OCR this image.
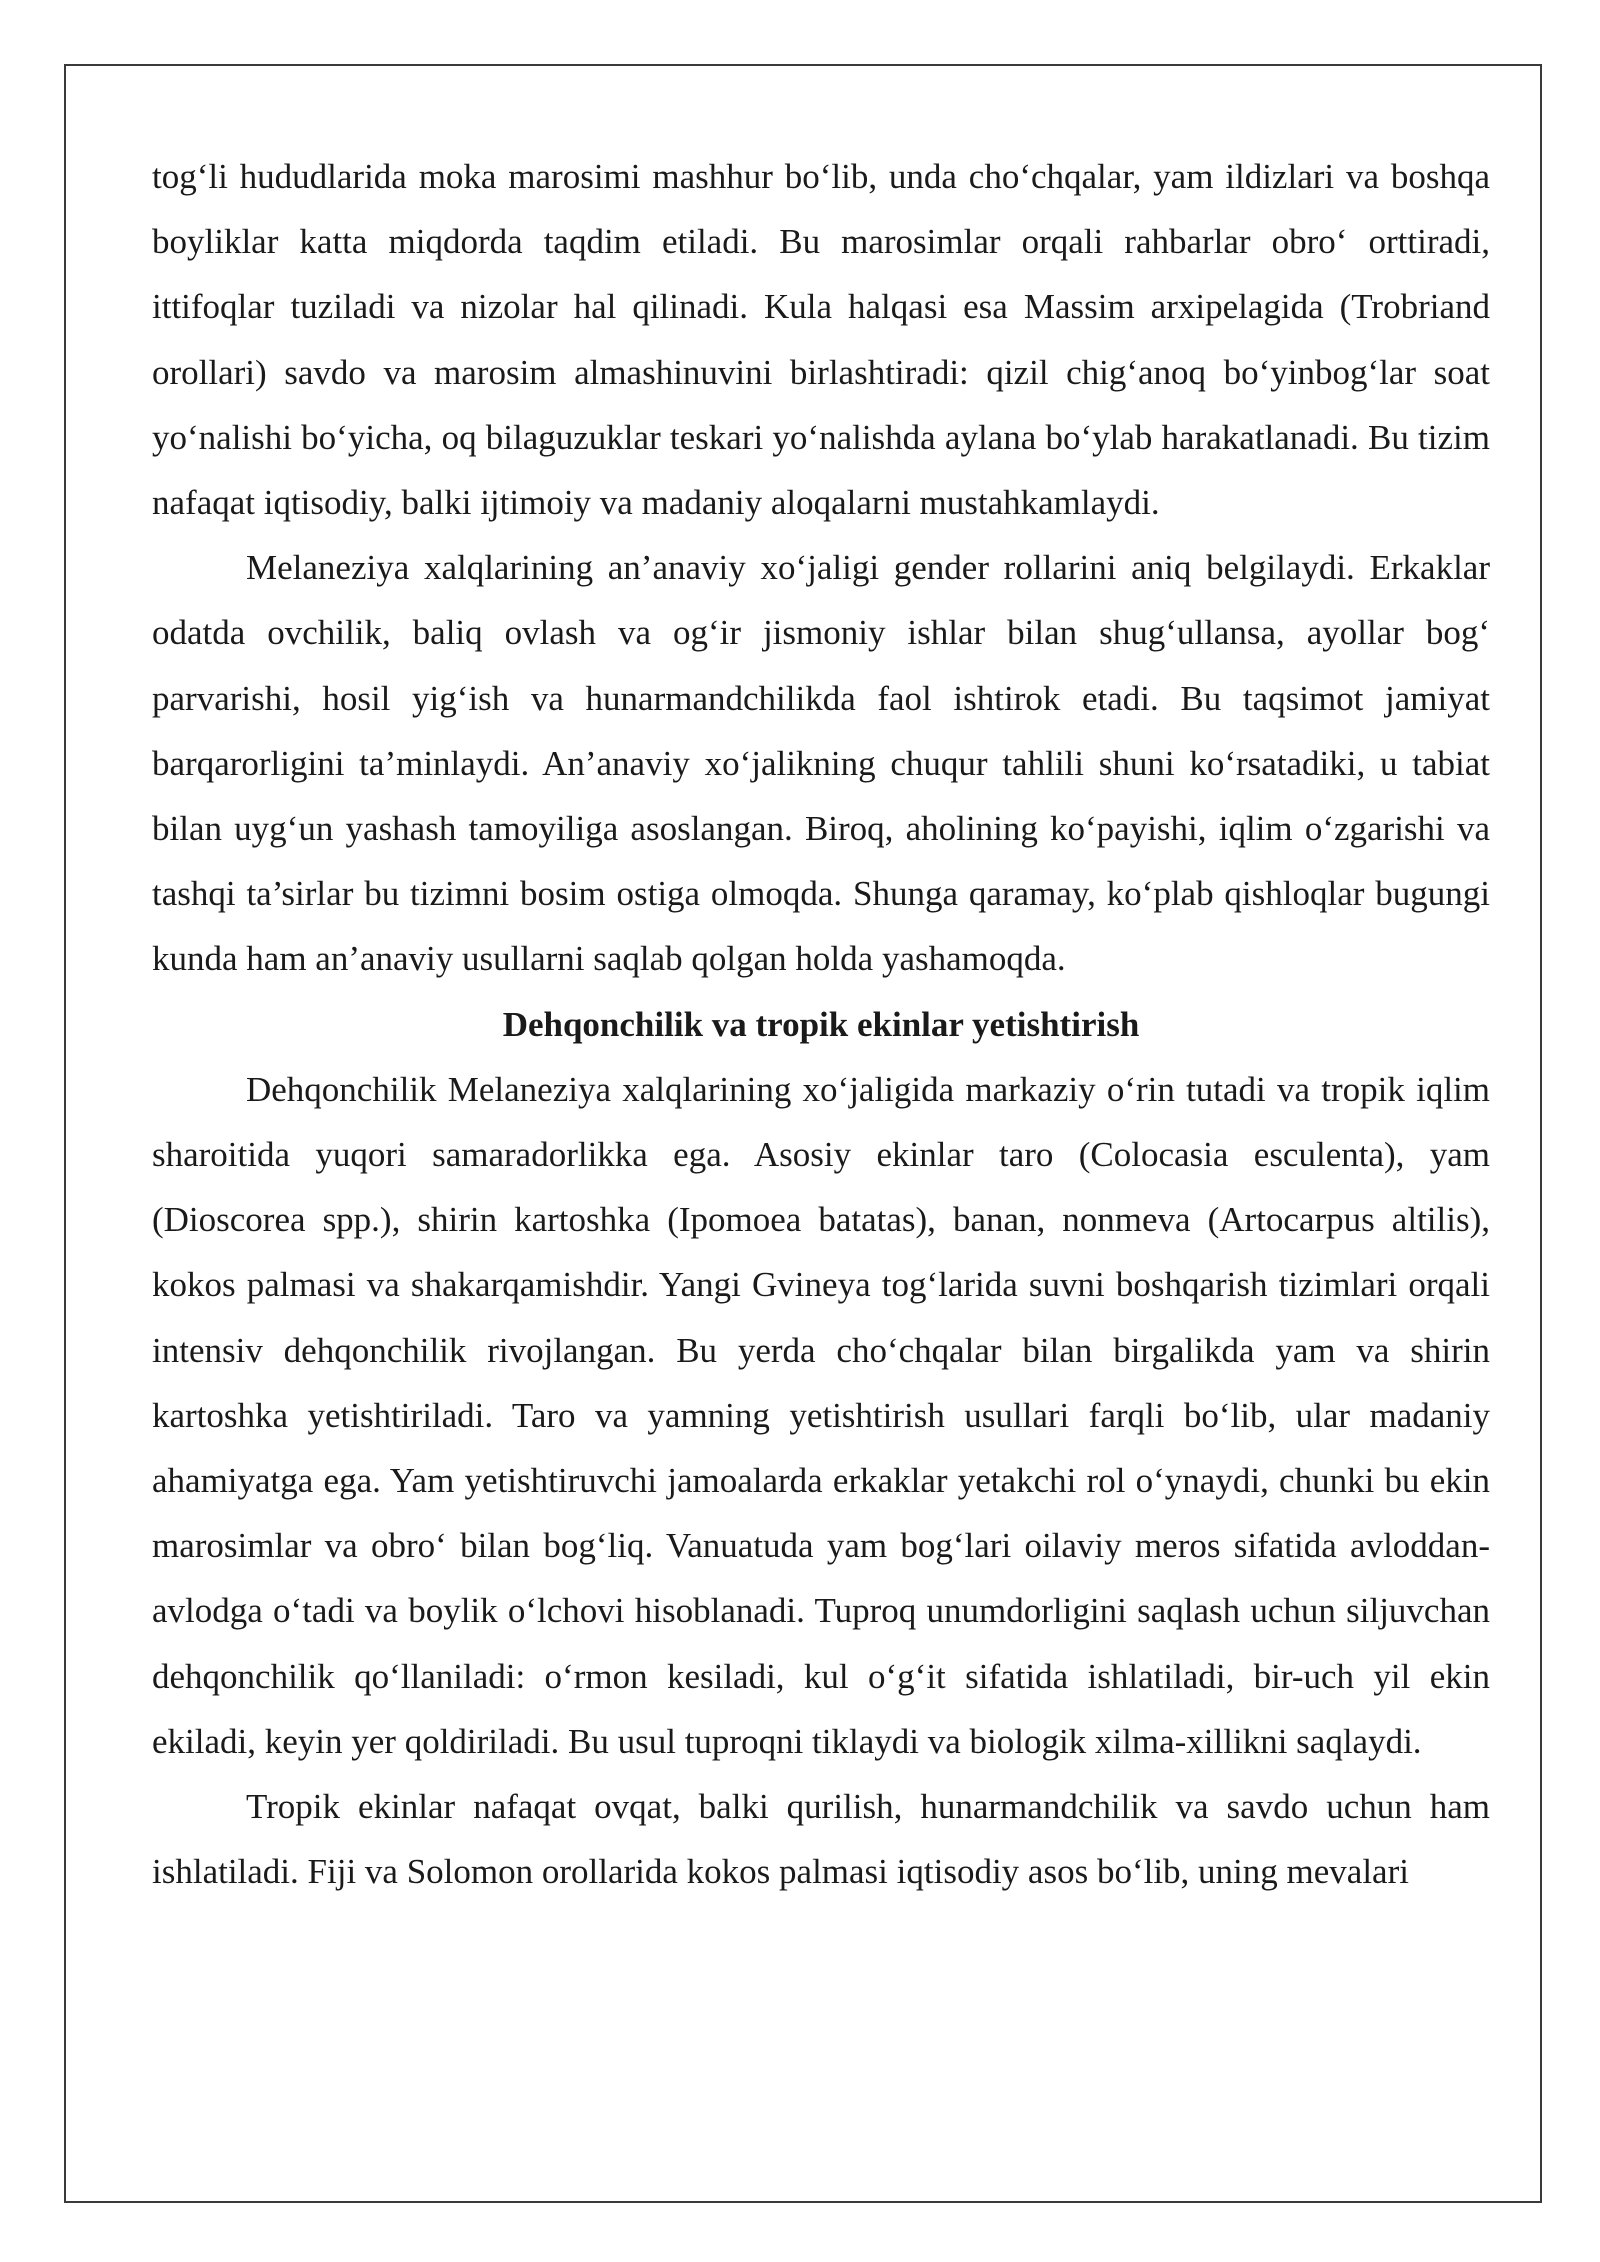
tog‘li hududlarida moka marosimi mashhur bo‘lib, unda cho‘chqalar, yam ildizlari va boshqa boyliklar katta miqdorda taqdim etiladi. Bu marosimlar orqali rahbarlar obro‘ orttiradi, ittifoqlar tuziladi va nizolar hal qilinadi. Kula halqasi esa Massim arxipelagida (Trobriand orollari) savdo va marosim almashinuvini birlashtiradi: qizil chig‘anoq bo‘yinbog‘lar soat yo‘nalishi bo‘yicha, oq bilaguzuklar teskari yo‘nalishda aylana bo‘ylab harakatlanadi. Bu tizim nafaqat iqtisodiy, balki ijtimoiy va madaniy aloqalarni mustahkamlaydi.

Melaneziya xalqlarining an’anaviy xo‘jaligi gender rollarini aniq belgilaydi. Erkaklar odatda ovchilik, baliq ovlash va og‘ir jismoniy ishlar bilan shug‘ullansa, ayollar bog‘ parvarishi, hosil yig‘ish va hunarmandchilikda faol ishtirok etadi. Bu taqsimot jamiyat barqarorligini ta’minlaydi. An’anaviy xo‘jalikning chuqur tahlili shuni ko‘rsatadiki, u tabiat bilan uyg‘un yashash tamoyiliga asoslangan. Biroq, aholining ko‘payishi, iqlim o‘zgarishi va tashqi ta’sirlar bu tizimni bosim ostiga olmoqda. Shunga qaramay, ko‘plab qishloqlar bugungi kunda ham an’anaviy usullarni saqlab qolgan holda yashamoqda.

Dehqonchilik va tropik ekinlar yetishtirish

Dehqonchilik Melaneziya xalqlarining xo‘jaligida markaziy o‘rin tutadi va tropik iqlim sharoitida yuqori samaradorlikka ega. Asosiy ekinlar taro (Colocasia esculenta), yam (Dioscorea spp.), shirin kartoshka (Ipomoea batatas), banan, nonmeva (Artocarpus altilis), kokos palmasi va shakarqamishdir. Yangi Gvineya tog‘larida suvni boshqarish tizimlari orqali intensiv dehqonchilik rivojlangan. Bu yerda cho‘chqalar bilan birgalikda yam va shirin kartoshka yetishtiriladi. Taro va yamning yetishtirish usullari farqli bo‘lib, ular madaniy ahamiyatga ega. Yam yetishtiruvchi jamoalarda erkaklar yetakchi rol o‘ynaydi, chunki bu ekin marosimlar va obro‘ bilan bog‘liq. Vanuatuda yam bog‘lari oilaviy meros sifatida avloddan-avlodga o‘tadi va boylik o‘lchovi hisoblanadi. Tuproq unumdorligini saqlash uchun siljuvchan dehqonchilik qo‘llaniladi: o‘rmon kesiladi, kul o‘g‘it sifatida ishlatiladi, bir-uch yil ekin ekiladi, keyin yer qoldiriladi. Bu usul tuproqni tiklaydi va biologik xilma-xillikni saqlaydi.

Tropik ekinlar nafaqat ovqat, balki qurilish, hunarmandchilik va savdo uchun ham ishlatiladi. Fiji va Solomon orollarida kokos palmasi iqtisodiy asos bo‘lib, uning mevalari
